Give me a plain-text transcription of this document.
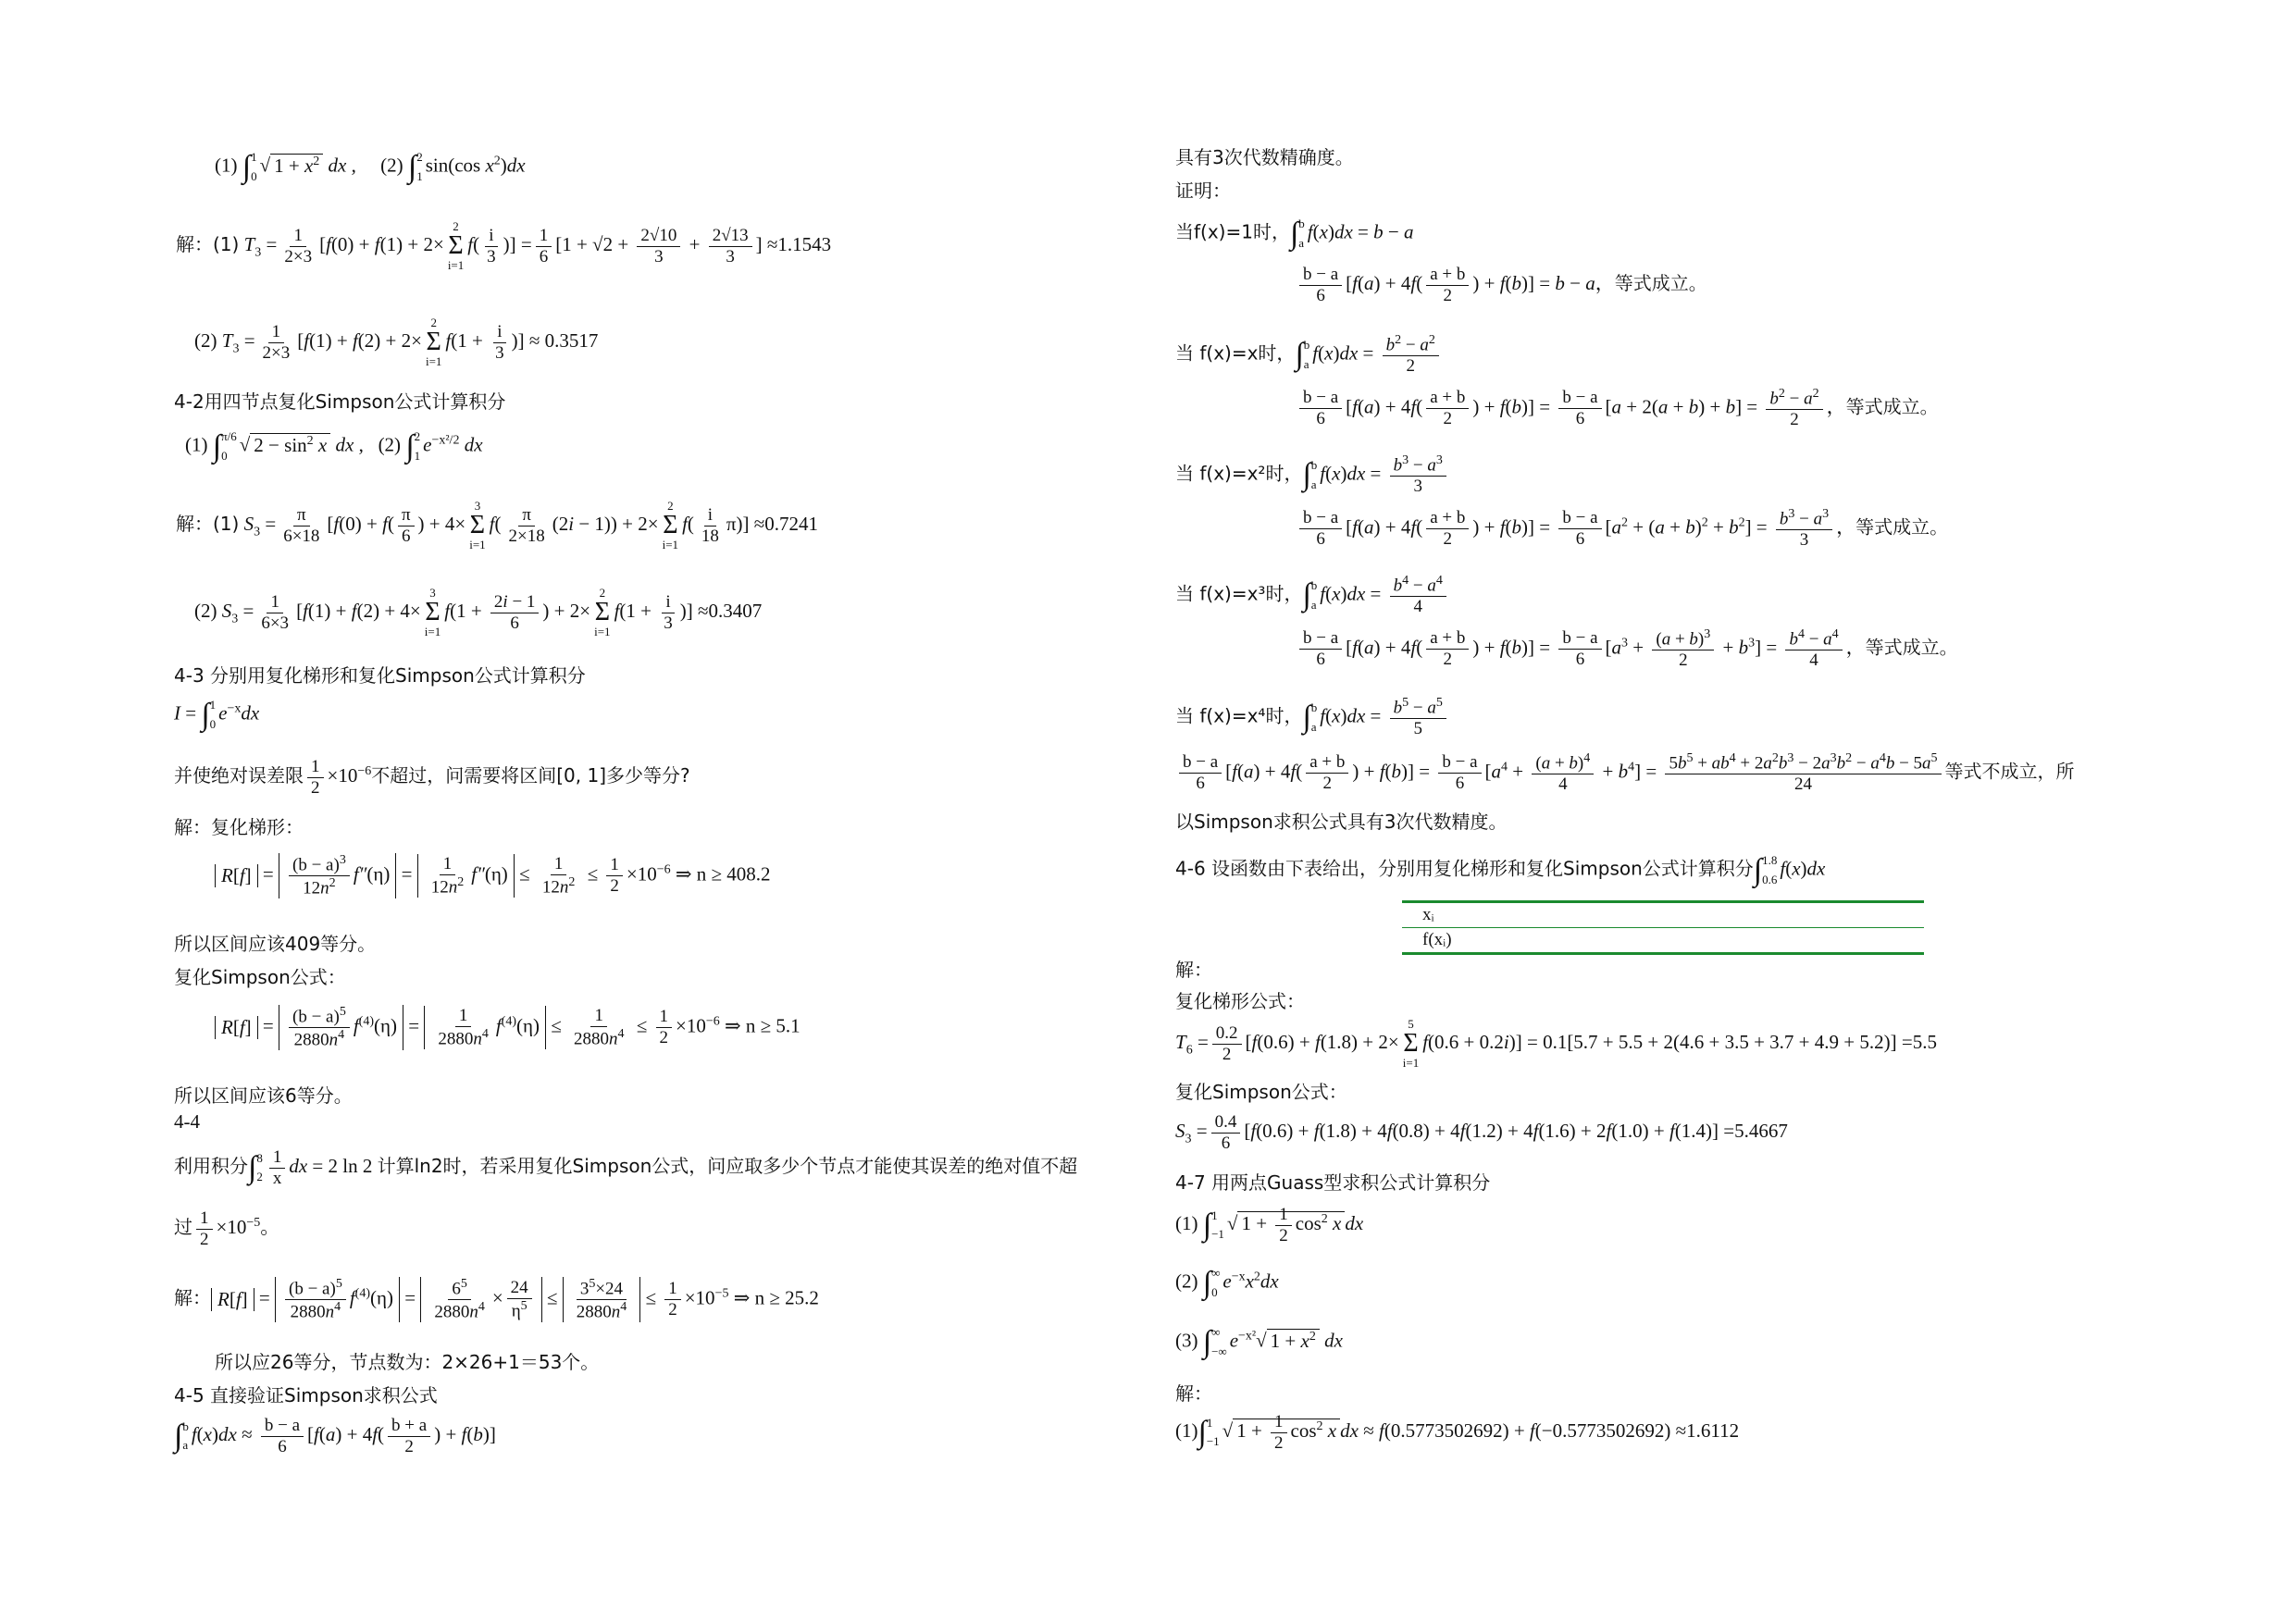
(1) ∫ 1
0 √ $1 + x^2$ dx ,     (2) ∫ 2
1 sin(cos $x^2)dx$
解：(1) $T_3 = \frac{1}{2\times 3} [f(0) + f(1) + 2\times$
2
Σ
i=1
$f( \frac{i}{3}$ )] = $\frac{1}{6} [1 + √2 + \frac{2√10}{3} + \frac{2√13}{3}$ ] ≈1.1543
(2) $T_3 = \frac{1}{2\times 3} [f(1) + f(2) + 2\times$
2
Σ
i=1
$f(1 + \frac{i}{3}$ )] ≈ 0.3517
4-2用四节点复化Simpson公式计算积分
(1) ∫ π/6
0 √ $2 - \sin^2 x$ dx ,   (2) ∫ 2
1 $e^{-x^2/2}$ dx
解：(1) $S_3 = \frac{\pi}{6\times 18} [f(0) + f( \frac{\pi}{6}$ ) + 4×
3
Σ
i=1
$f( \frac{\pi}{2\times 18} (2i - 1)) + 2\times$
2
Σ
i=1
$f( \frac{i}{18} \pi)] \approx 0.7241$
(2) $S_3 = \frac{1}{6\times 3} [f(1) + f(2) + 4\times$
3
Σ
i=1
$f(1 + \frac{2i - 1}{6}$ ) + 2×
2
Σ
i=1
$f(1 + \frac{i}{3}$ )] ≈0.3407
4-3 分别用复化梯形和复化Simpson公式计算积分
I = ∫ 1
0 $e^{-x}dx$
并使绝对误差限 $\frac{1}{2} \times 10^{-6}$不超过，问需要将区间[0, 1]多少等分?
解：复化梯形：
$R[f] = \frac{(b - a)^3}{12n^2} f''(\eta) = \frac{1}{12n^2} f''(\eta) \le \frac{1}{12n^2} \le \frac{1}{2} \times 10^{-6}$ ⇒ n ≥ 408.2
所以区间应该409等分。
复化Simpson公式：
$R[f] = \frac{(b - a)^5}{2880n^4} f^{(4)}(\eta) = \frac{1}{2880n^4} f^{(4)}(\eta) \le \frac{1}{2880n^4} \le \frac{1}{2} \times 10^{-6}$ ⇒ n ≥ 5.1
所以区间应该6等分。
4-4
利用积分∫ 8
$2 \frac{1}{x}$ dx = 2 ln 2 计算ln2时，若采用复化Simpson公式，问应取多少个节点才能使其误差的绝对值不超
过 $\frac{1}{2} \times 10^{-5}$。
解： $R[f] = \frac{(b - a)^5}{2880n^4} f^{(4)}(\eta) = \frac{6^5}{2880n^4} \times \frac{24}{\eta^5} \le \frac{3^5\times 24}{2880n^4} \le \frac{1}{2} \times 10^{-5}$ ⇒ n ≥ 25.2
所以应26等分，节点数为：2×26+1＝53个。
4-5 直接验证Simpson求积公式
∫ b
a $f(x)dx \approx \frac{b - a}{6} [f(a) + 4f( \frac{b + a}{2}$ ) + f(b)]
具有3次代数精确度。
证明：
当f(x)=1时，∫ b
a f(x)dx = b − a
$\frac{b - a}{6} [f(a) + 4f( \frac{a + b}{2}$ ) + f(b)] = b − a，等式成立。
当 f(x)=x时，∫ b
a $f(x)dx = \frac{b^2 - a^2}{2}$
$\frac{b - a}{6} [f(a) + 4f( \frac{a + b}{2}$ ) + $f(b)] = \frac{b - a}{6} [a + 2(a + b) + b] = \frac{b^2 - a^2}{2}$ ，等式成立。
当 f(x)=x²时，∫ b
a $f(x)dx = \frac{b^3 - a^3}{3}$
$\frac{b - a}{6} [f(a) + 4f( \frac{a + b}{2}$ ) + $f(b)] = \frac{b - a}{6} [a^2 + (a + b)^2 + b^2] = \frac{b^3 - a^3}{3}$ ，等式成立。
当 f(x)=x³时，∫ b
a $f(x)dx = \frac{b^4 - a^4}{4}$
$\frac{b - a}{6} [f(a) + 4f( \frac{a + b}{2}$ ) + $f(b)] = \frac{b - a}{6} [a^3 + \frac{(a + b)^3}{2} + b^3] = \frac{b^4 - a^4}{4}$ ，等式成立。
当 f(x)=x⁴时，∫ b
a $f(x)dx = \frac{b^5 - a^5}{5}$
$\frac{b - a}{6} [f(a) + 4f( \frac{a + b}{2}$ ) + $f(b)] = \frac{b - a}{6} [a^4 + \frac{(a + b)^4}{4} + b^4] = \frac{5b^5 + ab^4 + 2a^2b^3 - 2a^3b^2 - a^4b - 5a^5}{24}$ 等式不成立，所
以Simpson求积公式具有3次代数精度。
4-6 设函数由下表给出，分别用复化梯形和复化Simpson公式计算积分∫ 1.8
0.6 f(x)dx
xᵢ
f(xᵢ)
解：
复化梯形公式：
$T_6 = \frac{0.2}{2} [f(0.6) + f(1.8) + 2\times$
5
Σ
i=1
f(0.6 + 0.2i)] = 0.1[5.7 + 5.5 + 2(4.6 + 3.5 + 3.7 + 4.9 + 5.2)] =5.5
复化Simpson公式：
$S_3 = \frac{0.4}{6} [f(0.6) + f(1.8) + 4f(0.8) + 4f(1.2) + 4f(1.6) + 2f(1.0) + f(1.4)] =5.4667$
4-7 用两点Guass型求积公式计算积分
(1) ∫ 1
−1 √ $1 + \frac{1}{2} \cos^2 x$ dx
(2) ∫ ∞
0 $e^{-x}x^2dx$
(3) ∫ ∞
−∞ $e^{-x^2}√$ $1 + x^2$ dx
解：
(1)∫ 1
−1 √ $1 + \frac{1}{2} \cos^2 x$ dx ≈ f(0.5773502692) + f(−0.5773502692) ≈1.6112
